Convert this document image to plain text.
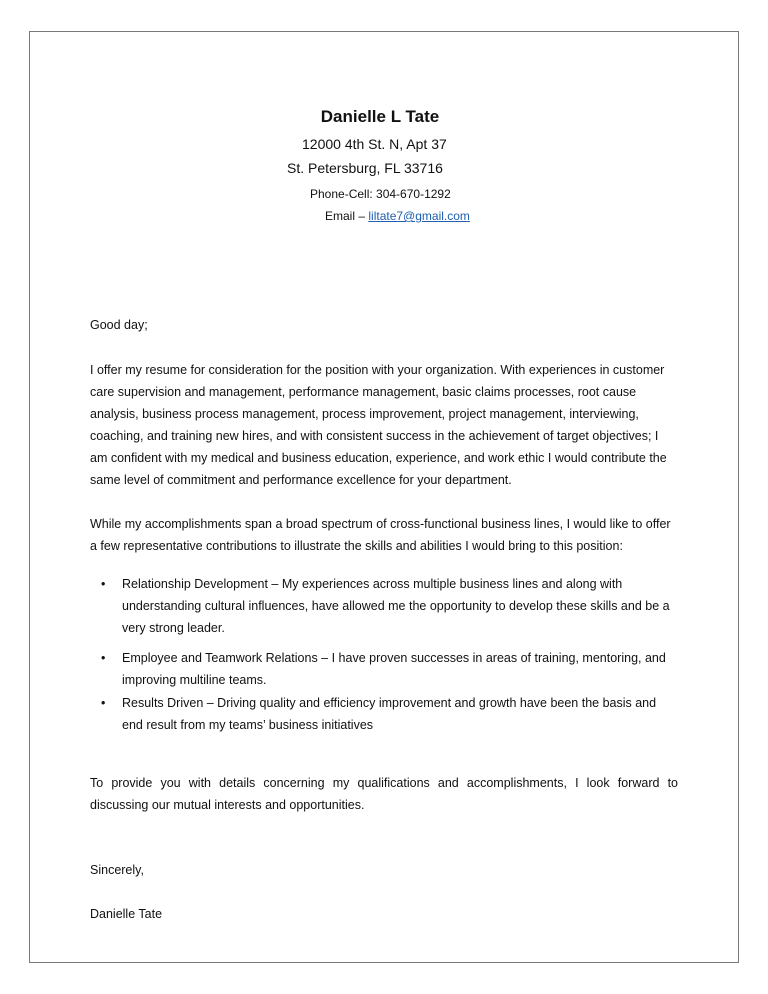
Danielle L Tate
12000 4th St. N, Apt 37
St. Petersburg, FL 33716
Phone-Cell: 304-670-1292
Email – liltate7@gmail.com
Good day;
I offer my resume for consideration for the position with your organization. With experiences in customer
care supervision and management, performance management, basic claims processes, root cause
analysis, business process management, process improvement, project management, interviewing,
coaching, and training new hires, and with consistent success in the achievement of target objectives; I
am confident with my medical and business education, experience, and work ethic I would contribute the
same level of commitment and performance excellence for your department.
While my accomplishments span a broad spectrum of cross-functional business lines, I would like to offer
a few representative contributions to illustrate the skills and abilities I would bring to this position:
• Relationship Development – My experiences across multiple business lines and along with
understanding cultural influences, have allowed me the opportunity to develop these skills and be a
very strong leader.
• Employee and Teamwork Relations – I have proven successes in areas of training, mentoring, and
improving multiline teams.
• Results Driven – Driving quality and efficiency improvement and growth have been the basis and
end result from my teams’ business initiatives
To provide you with details concerning my qualifications and accomplishments, I look forward to
discussing our mutual interests and opportunities.
Sincerely,
Danielle Tate
